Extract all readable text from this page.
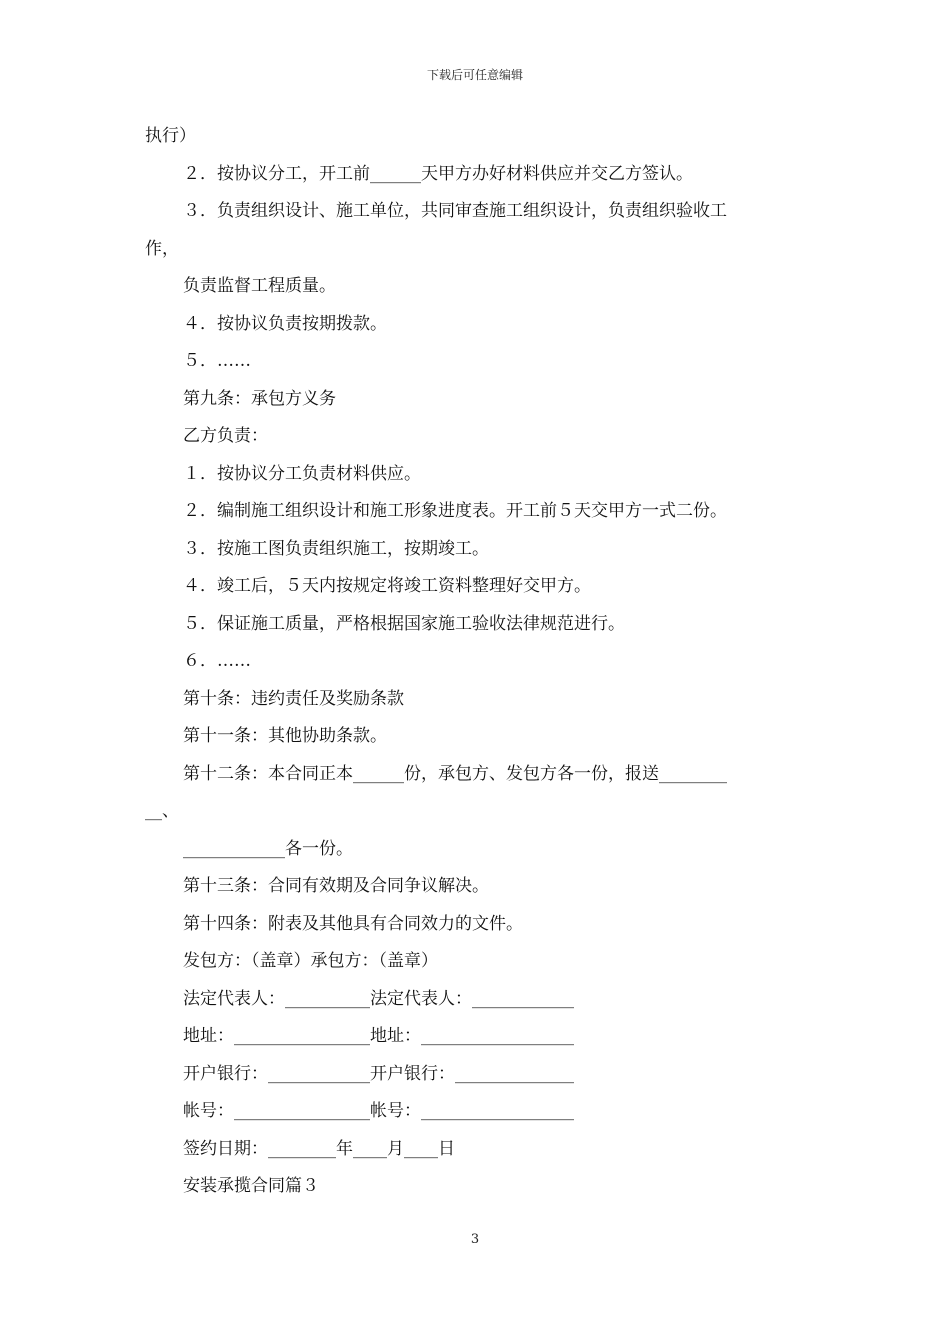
下载后可任意编辑
执行）
２．按协议分工，开工前______天甲方办好材料供应并交乙方签认。
３．负责组织设计、施工单位，共同审查施工组织设计，负责组织验收工
作，
负责监督工程质量。
４．按协议负责按期拨款。
５．……
第九条：承包方义务
乙方负责：
１．按协议分工负责材料供应。
２．编制施工组织设计和施工形象进度表。开工前５天交甲方一式二份。
３．按施工图负责组织施工，按期竣工。
４．竣工后，５天内按规定将竣工资料整理好交甲方。
５．保证施工质量，严格根据国家施工验收法律规范进行。
６．……
第十条：违约责任及奖励条款
第十一条：其他协助条款。
第十二条：本合同正本______份，承包方、发包方各一份，报送________
__、
____________各一份。
第十三条：合同有效期及合同争议解决。
第十四条：附表及其他具有合同效力的文件。
发包方：（盖章）承包方：（盖章）
法定代表人：__________法定代表人：____________
地址：________________地址：__________________
开户银行：____________开户银行：______________
帐号：________________帐号：__________________
签约日期：________年____月____日
安装承揽合同篇３
3
